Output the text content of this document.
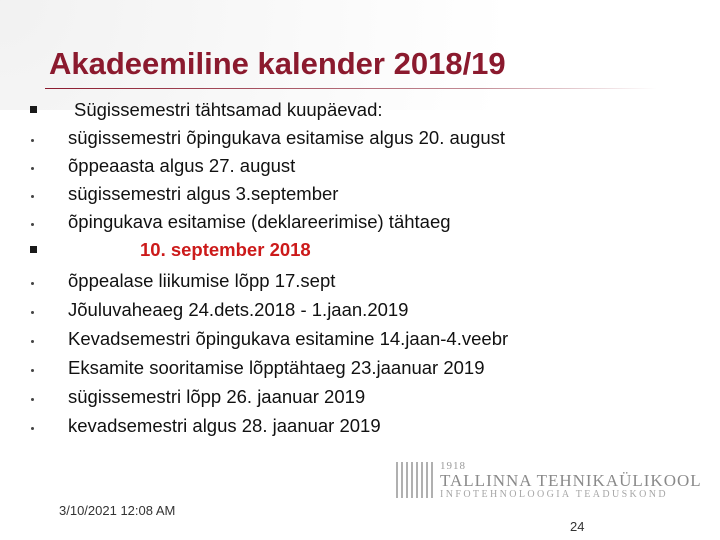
Akadeemiline kalender 2018/19
Sügissemestri tähtsamad kuupäevad:
sügissemestri õpingukava esitamise algus 20. august
õppeaasta algus 27. august
sügissemestri algus 3.september
õpingukava esitamise (deklareerimise) tähtaeg
10. september 2018
õppealase liikumise lõpp 17.sept
Jõuluvaheaeg 24.dets.2018 - 1.jaan.2019
Kevadsemestri õpingukava esitamine 14.jaan-4.veebr
Eksamite sooritamise lõpptähtaeg 23.jaanuar 2019
sügissemestri lõpp 26. jaanuar 2019
kevadsemestri algus 28. jaanuar 2019
1918
TALLINNA TEHNIKAÜLIKOOL
INFOTEHNOLOOGIA TEADUSKOND
3/10/2021 12:08 AM
24
